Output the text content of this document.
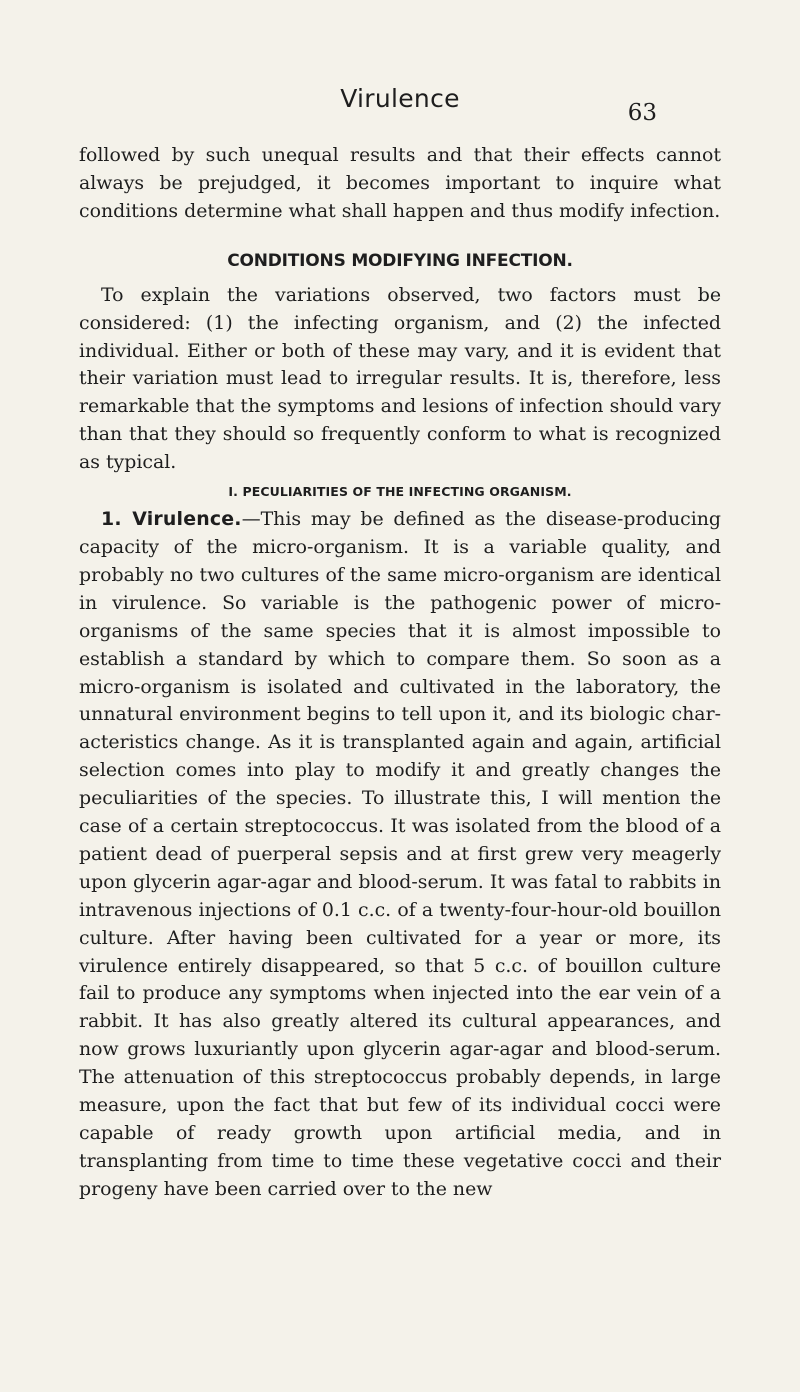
Virulence	63

followed by such unequal results and that their effects cannot always be prejudged, it becomes important to inquire what conditions determine what shall happen and thus modify infection.

CONDITIONS MODIFYING INFECTION.

To explain the variations observed, two factors must be considered: (1) the infecting organism, and (2) the infected individual. Either or both of these may vary, and it is evident that their variation must lead to irregular results. It is, therefore, less remarkable that the symptoms and lesions of infection should vary than that they should so frequently conform to what is recognized as typical.

I. PECULIARITIES OF THE INFECTING ORGANISM.

1. Virulence.—This may be defined as the disease-producing capacity of the micro-organism. It is a variable quality, and probably no two cultures of the same micro-organism are identical in virulence. So variable is the pathogenic power of micro-organisms of the same species that it is almost impossible to establish a standard by which to compare them. So soon as a micro-organism is isolated and cultivated in the laboratory, the unnatural environment begins to tell upon it, and its biologic characteristics change. As it is transplanted again and again, artificial selection comes into play to modify it and greatly changes the peculiarities of the species. To illustrate this, I will mention the case of a certain streptococcus. It was isolated from the blood of a patient dead of puerperal sepsis and at first grew very meagerly upon glycerin agar-agar and blood-serum. It was fatal to rabbits in intravenous injections of 0.1 c.c. of a twenty-four-hour-old bouillon culture. After having been cultivated for a year or more, its virulence entirely disappeared, so that 5 c.c. of bouillon culture fail to produce any symptoms when injected into the ear vein of a rabbit. It has also greatly altered its cultural appearances, and now grows luxuriantly upon glycerin agar-agar and blood-serum. The attenuation of this streptococcus probably depends, in large measure, upon the fact that but few of its individual cocci were capable of ready growth upon artificial media, and in transplanting from time to time these vegetative cocci and their progeny have been carried over to the new
